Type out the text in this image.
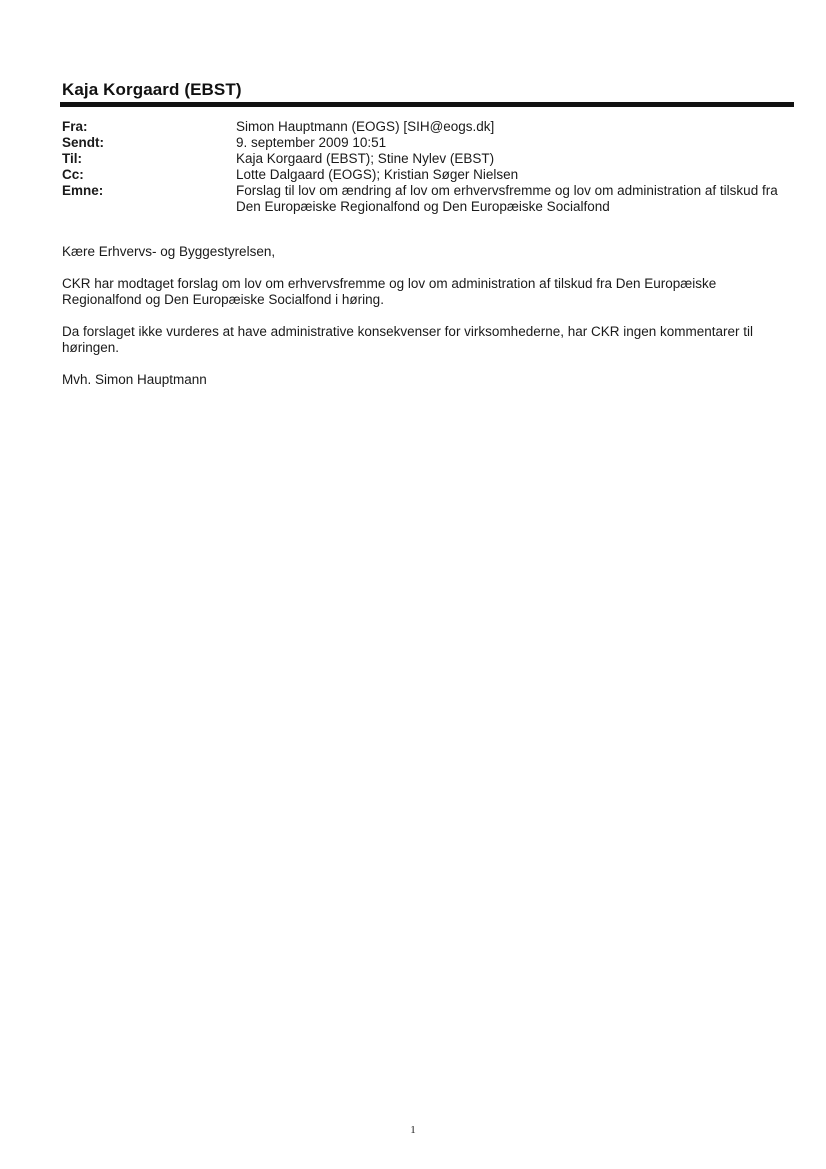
Kaja Korgaard (EBST)
Fra:	Simon Hauptmann (EOGS) [SIH@eogs.dk]
Sendt:	9. september 2009 10:51
Til:	Kaja Korgaard (EBST); Stine Nylev (EBST)
Cc:	Lotte Dalgaard (EOGS); Kristian Søger Nielsen
Emne:	Forslag til lov om ændring af lov om erhvervsfremme og lov om administration af tilskud fra Den Europæiske Regionalfond og Den Europæiske Socialfond

Kære Erhvervs- og Byggestyrelsen,

CKR har modtaget forslag om lov om erhvervsfremme og lov om administration af tilskud fra Den Europæiske Regionalfond og Den Europæiske Socialfond i høring.

Da forslaget ikke vurderes at have administrative konsekvenser for virksomhederne, har CKR ingen kommentarer til høringen.

Mvh. Simon Hauptmann

1
